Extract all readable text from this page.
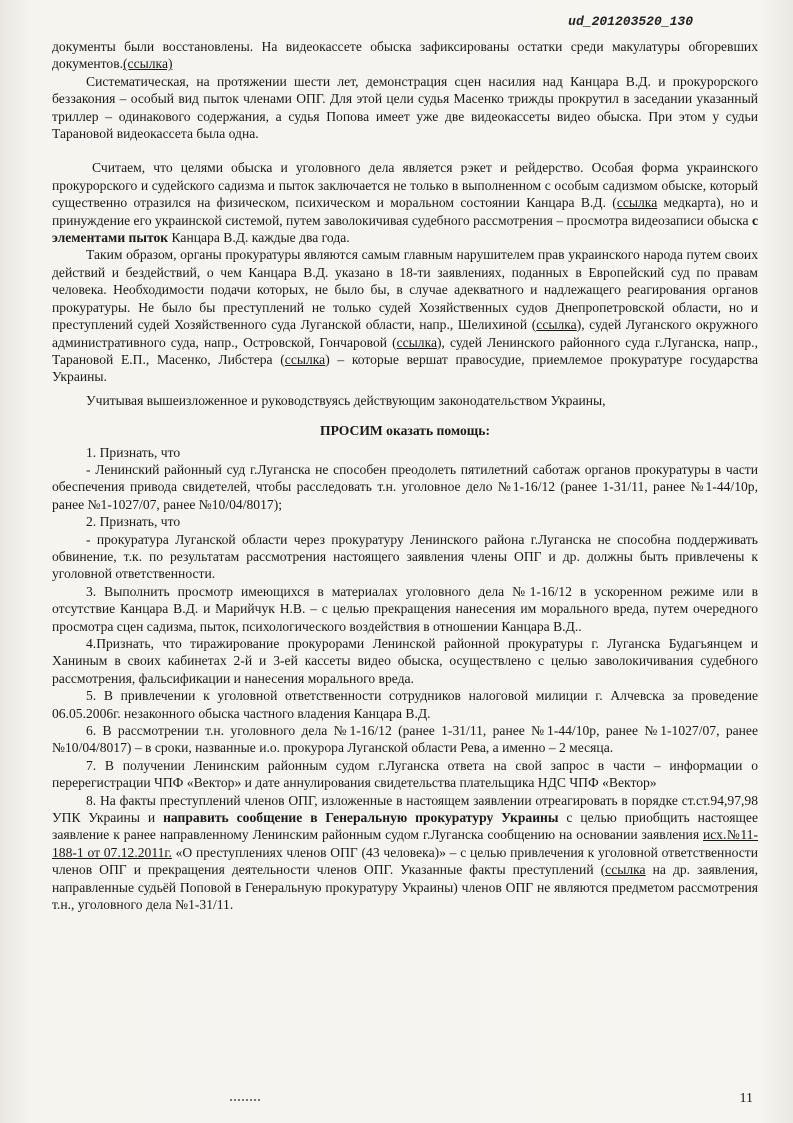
ud_201203520_130

документы были восстановлены. На видеокассете обыска зафиксированы остатки среди макулатуры обгоревших документов.(ссылка)

Систематическая, на протяжении шести лет, демонстрация сцен насилия над Канцара В.Д. и прокурорского беззакония – особый вид пыток членами ОПГ. Для этой цели судья Масенко трижды прокрутил в заседании указанный триллер – одинакового содержания, а судья Попова имеет уже две видеокассеты видео обыска. При этом у судьи Тарановой видеокассета была одна.

Считаем, что целями обыска и уголовного дела является рэкет и рейдерство. Особая форма украинского прокурорского и судейского садизма и пыток заключается не только в выполненном с особым садизмом обыске, который существенно отразился на физическом, психическом и моральном состоянии Канцара В.Д. (ссылка медкарта), но и принуждение его украинской системой, путем заволокичивая судебного рассмотрения – просмотра видеозаписи обыска с элементами пыток Канцара В.Д. каждые два года.

Таким образом, органы прокуратуры являются самым главным нарушителем прав украинского народа путем своих действий и бездействий, о чем Канцара В.Д. указано в 18-ти заявлениях, поданных в Европейский суд по правам человека. Необходимости подачи которых, не было бы, в случае адекватного и надлежащего реагирования органов прокуратуры. Не было бы преступлений не только судей Хозяйственных судов Днепропетровской области, но и преступлений судей Хозяйственного суда Луганской области, напр., Шелихиной (ссылка), судей Луганского окружного административного суда, напр., Островской, Гончаровой (ссылка), судей Ленинского районного суда г.Луганска, напр., Тарановой Е.П., Масенко, Либстера (ссылка) – которые вершат правосудие, приемлемое прокуратуре государства Украины.

Учитывая вышеизложенное и руководствуясь действующим законодательством Украины,

ПРОСИМ оказать помощь:

1. Признать, что

- Ленинский районный суд г.Луганска не способен преодолеть пятилетний саботаж органов прокуратуры в части обеспечения привода свидетелей, чтобы расследовать т.н. уголовное дело №1-16/12 (ранее 1-31/11, ранее №1-44/10р, ранее №1-1027/07, ранее №10/04/8017);

2. Признать, что

- прокуратура Луганской области через прокуратуру Ленинского района г.Луганска не способна поддерживать обвинение, т.к. по результатам рассмотрения настоящего заявления члены ОПГ и др. должны быть привлечены к уголовной ответственности.

3. Выполнить просмотр имеющихся в материалах уголовного дела №1-16/12 в ускоренном режиме или в отсутствие Канцара В.Д. и Марийчук Н.В. – с целью прекращения нанесения им морального вреда, путем очередного просмотра сцен садизма, пыток, психологического воздействия в отношении Канцара В.Д..

4.Признать, что тиражирование прокурорами Ленинской районной прокуратуры г. Луганска Будагьянцем и Ханиным в своих кабинетах 2-й и 3-ей кассеты видео обыска, осуществлено с целью заволокичивания судебного рассмотрения, фальсификации и нанесения морального вреда.

5. В привлечении к уголовной ответственности сотрудников налоговой милиции г. Алчевска за проведение 06.05.2006г. незаконного обыска частного владения Канцара В.Д.

6. В рассмотрении т.н. уголовного дела №1-16/12 (ранее 1-31/11, ранее №1-44/10р, ранее №1-1027/07, ранее №10/04/8017) – в сроки, названные и.о. прокурора Луганской области Рева, а именно – 2 месяца.

7. В получении Ленинским районным судом г.Луганска ответа на свой запрос в части – информации о перерегистрации ЧПФ «Вектор» и дате аннулирования свидетельства плательщика НДС ЧПФ «Вектор»

8. На факты преступлений членов ОПГ, изложенные в настоящем заявлении отреагировать в порядке ст.ст.94,97,98 УПК Украины и направить сообщение в Генеральную прокуратуру Украины с целью приобщить настоящее заявление к ранее направленному Ленинским районным судом г.Луганска сообщению на основании заявления исх.№11-188-1 от 07.12.2011г. «О преступлениях членов ОПГ (43 человека)» – с целью привлечения к уголовной ответственности членов ОПГ и прекращения деятельности членов ОПГ. Указанные факты преступлений (ссылка на др. заявления, направленные судьёй Поповой в Генеральную прокуратуру Украины) членов ОПГ не являются предметом рассмотрения т.н., уголовного дела №1-31/11.

11
